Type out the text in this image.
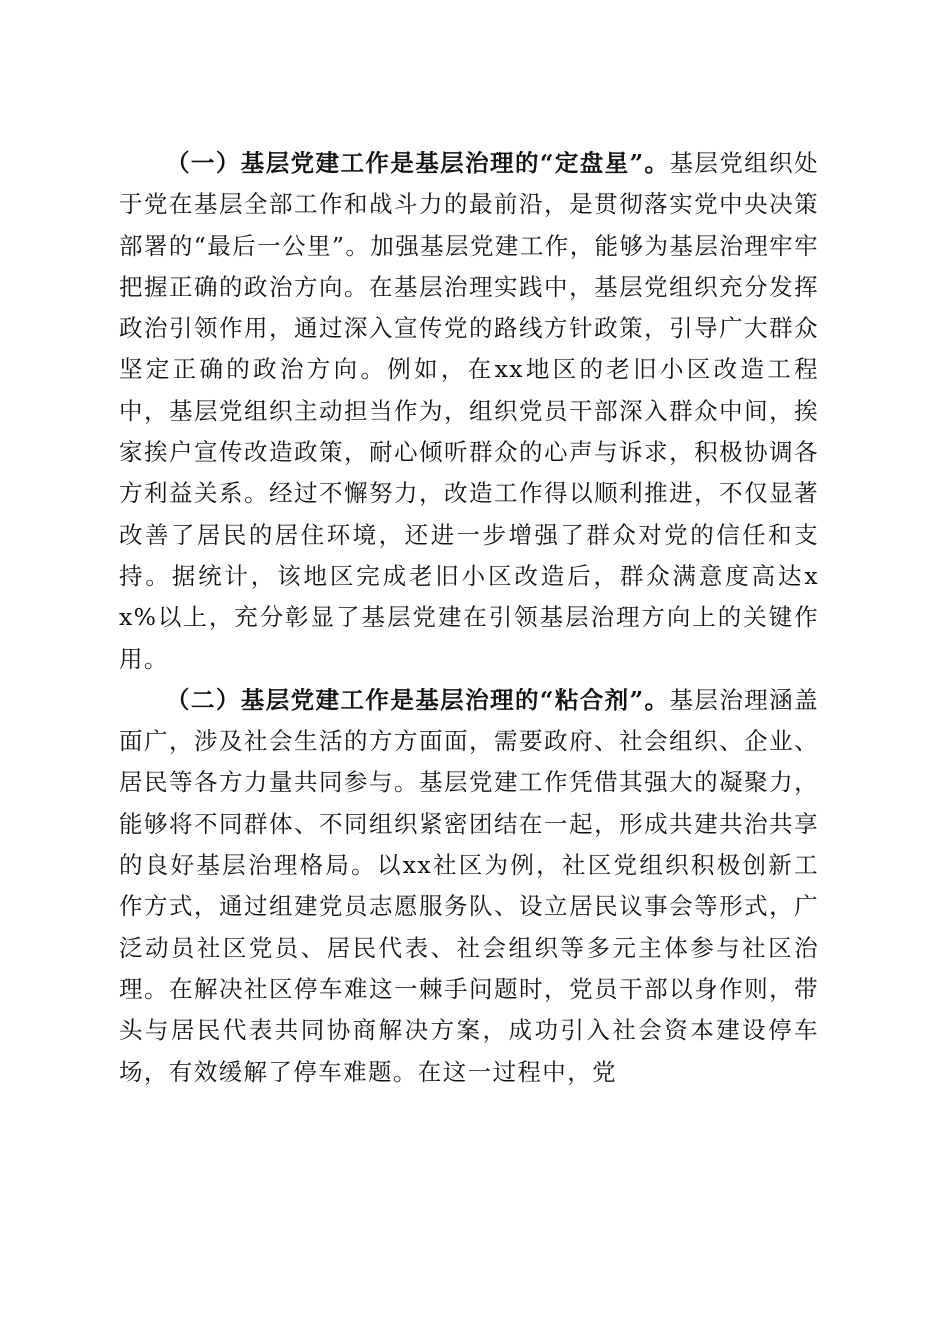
（一）基层党建工作是基层治理的“定盘星”。基层党组织处于党在基层全部工作和战斗力的最前沿，是贯彻落实党中央决策部署的“最后一公里”。加强基层党建工作，能够为基层治理牢牢把握正确的政治方向。在基层治理实践中，基层党组织充分发挥政治引领作用，通过深入宣传党的路线方针政策，引导广大群众坚定正确的政治方向。例如，在xx地区的老旧小区改造工程中，基层党组织主动担当作为，组织党员干部深入群众中间，挨家挨户宣传改造政策，耐心倾听群众的心声与诉求，积极协调各方利益关系。经过不懈努力，改造工作得以顺利推进，不仅显著改善了居民的居住环境，还进一步增强了群众对党的信任和支持。据统计，该地区完成老旧小区改造后，群众满意度高达xx%以上，充分彰显了基层党建在引领基层治理方向上的关键作用。

（二）基层党建工作是基层治理的“粘合剂”。基层治理涵盖面广，涉及社会生活的方方面面，需要政府、社会组织、企业、居民等各方力量共同参与。基层党建工作凭借其强大的凝聚力，能够将不同群体、不同组织紧密团结在一起，形成共建共治共享的良好基层治理格局。以xx社区为例，社区党组织积极创新工作方式，通过组建党员志愿服务队、设立居民议事会等形式，广泛动员社区党员、居民代表、社会组织等多元主体参与社区治理。在解决社区停车难这一棘手问题时，党员干部以身作则，带头与居民代表共同协商解决方案，成功引入社会资本建设停车场，有效缓解了停车难题。在这一过程中，党
